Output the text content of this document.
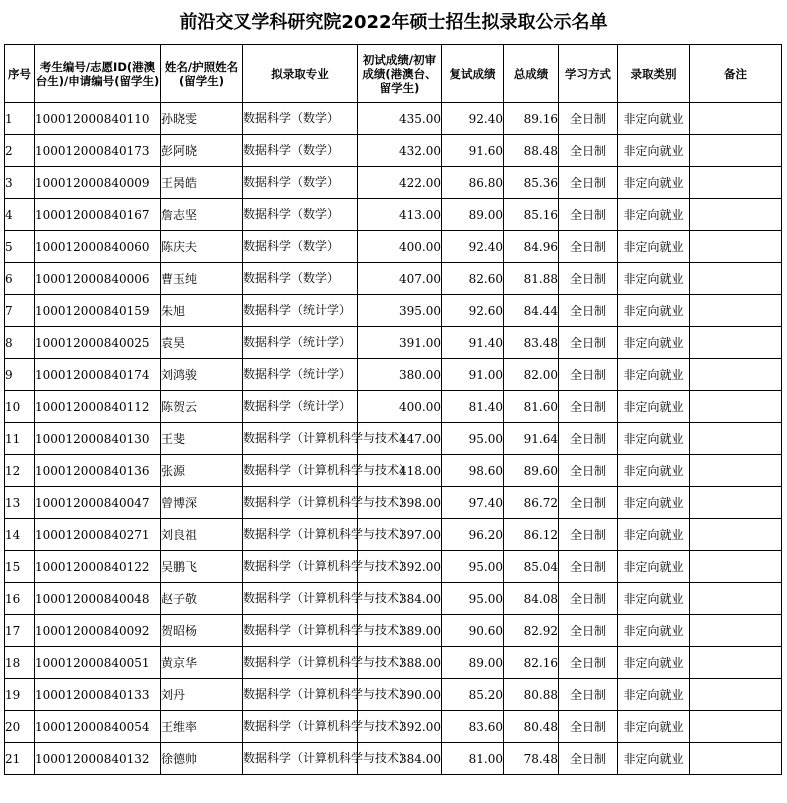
前沿交叉学科研究院2022年硕士招生拟录取公示名单
序号	考生编号/志愿ID(港澳台生)/申请编号(留学生)	姓名/护照姓名(留学生)	拟录取专业	初试成绩/初审成绩(港澳台、留学生)	复试成绩	总成绩	学习方式	录取类别	备注
1	100012000840110	孙晓雯	数据科学（数学）	435.00	92.40	89.16	全日制	非定向就业	
2	100012000840173	彭阿晓	数据科学（数学）	432.00	91.60	88.48	全日制	非定向就业	
3	100012000840009	王昺皓	数据科学（数学）	422.00	86.80	85.36	全日制	非定向就业	
4	100012000840167	詹志坚	数据科学（数学）	413.00	89.00	85.16	全日制	非定向就业	
5	100012000840060	陈庆夫	数据科学（数学）	400.00	92.40	84.96	全日制	非定向就业	
6	100012000840006	曹玉纯	数据科学（数学）	407.00	82.60	81.88	全日制	非定向就业	
7	100012000840159	朱旭	数据科学（统计学）	395.00	92.60	84.44	全日制	非定向就业	
8	100012000840025	袁昊	数据科学（统计学）	391.00	91.40	83.48	全日制	非定向就业	
9	100012000840174	刘鸿骏	数据科学（统计学）	380.00	91.00	82.00	全日制	非定向就业	
10	100012000840112	陈贺云	数据科学（统计学）	400.00	81.40	81.60	全日制	非定向就业	
11	100012000840130	王斐	数据科学（计算机科学与技术）	447.00	95.00	91.64	全日制	非定向就业	
12	100012000840136	张源	数据科学（计算机科学与技术）	418.00	98.60	89.60	全日制	非定向就业	
13	100012000840047	曾博深	数据科学（计算机科学与技术）	398.00	97.40	86.72	全日制	非定向就业	
14	100012000840271	刘良祖	数据科学（计算机科学与技术）	397.00	96.20	86.12	全日制	非定向就业	
15	100012000840122	吴鹏飞	数据科学（计算机科学与技术）	392.00	95.00	85.04	全日制	非定向就业	
16	100012000840048	赵子敬	数据科学（计算机科学与技术）	384.00	95.00	84.08	全日制	非定向就业	
17	100012000840092	贺昭杨	数据科学（计算机科学与技术）	389.00	90.60	82.92	全日制	非定向就业	
18	100012000840051	黄京华	数据科学（计算机科学与技术）	388.00	89.00	82.16	全日制	非定向就业	
19	100012000840133	刘丹	数据科学（计算机科学与技术）	390.00	85.20	80.88	全日制	非定向就业	
20	100012000840054	王维率	数据科学（计算机科学与技术）	392.00	83.60	80.48	全日制	非定向就业	
21	100012000840132	徐德帅	数据科学（计算机科学与技术）	384.00	81.00	78.48	全日制	非定向就业	
